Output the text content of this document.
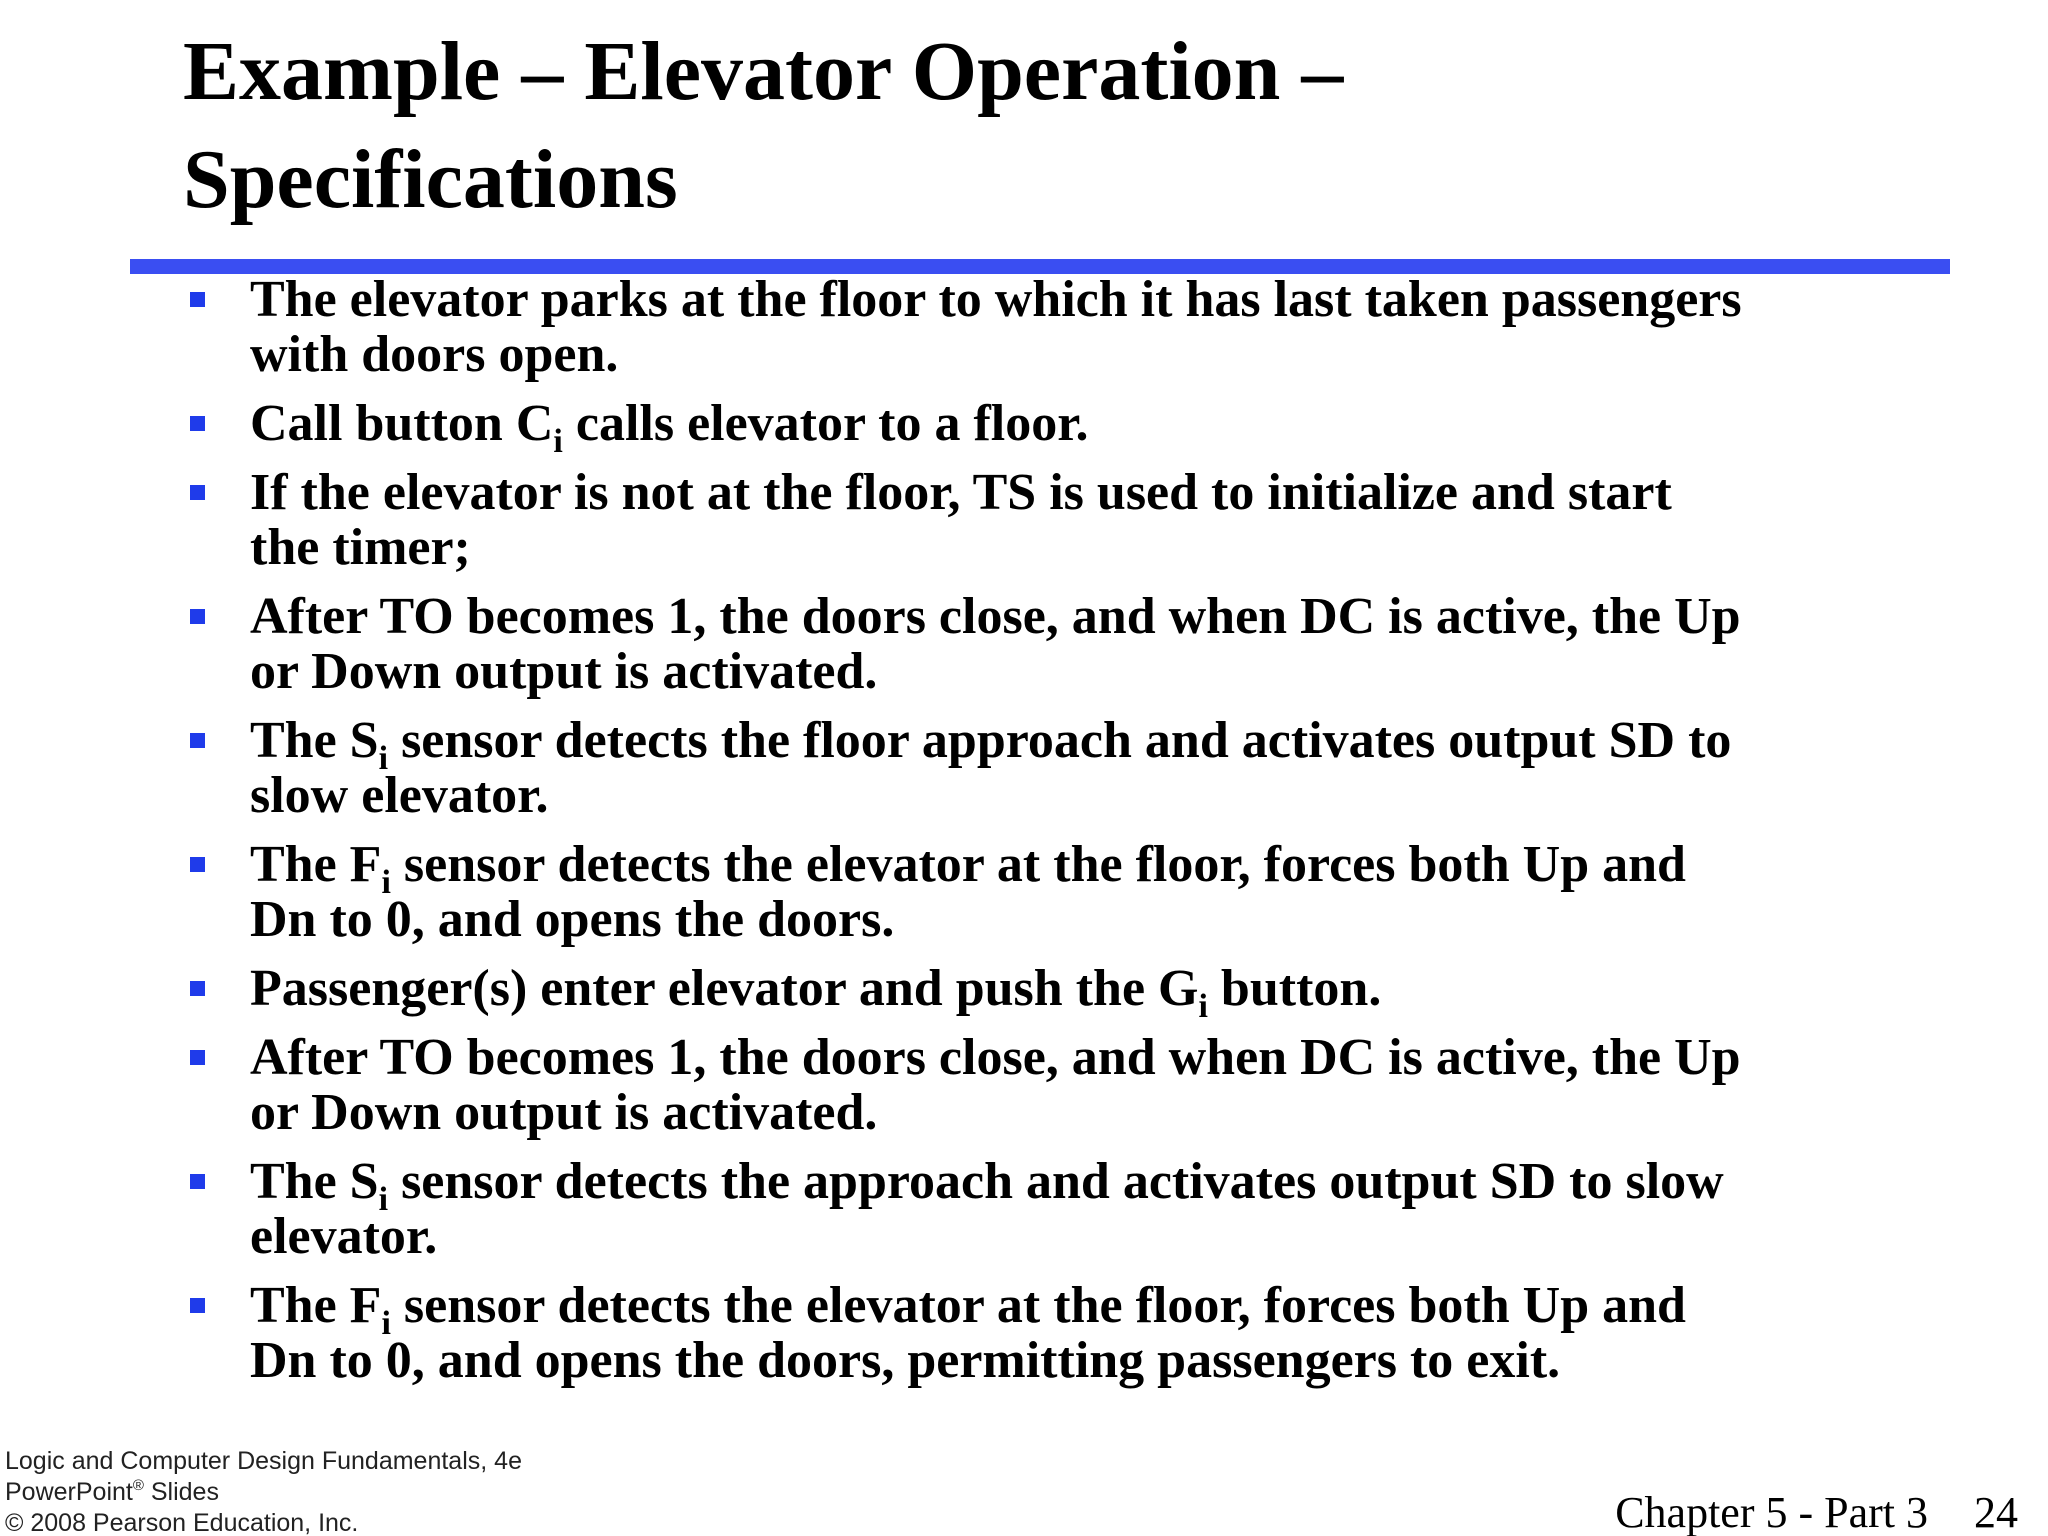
Example – Elevator Operation –
Specifications
The elevator parks at the floor to which it has last taken passengers
with doors open.
Call button $C_i$ calls elevator to a floor.
If the elevator is not at the floor, TS is used to initialize and start
the timer;
After TO becomes 1, the doors close, and when DC is active, the Up
or Down output is activated.
The $S_i$ sensor detects the floor approach and activates output SD to
slow elevator.
The $F_i$ sensor detects the elevator at the floor, forces both Up and
Dn to 0, and opens the doors.
Passenger(s) enter elevator and push the $G_i$ button.
After TO becomes 1, the doors close, and when DC is active, the Up
or Down output is activated.
The $S_i$ sensor detects the approach and activates output SD to slow
elevator.
The $F_i$ sensor detects the elevator at the floor, forces both Up and
Dn to 0, and opens the doors, permitting passengers to exit.
Logic and Computer Design Fundamentals, 4e
PowerPoint® Slides
© 2008 Pearson Education, Inc.	Chapter 5 - Part 3 24
